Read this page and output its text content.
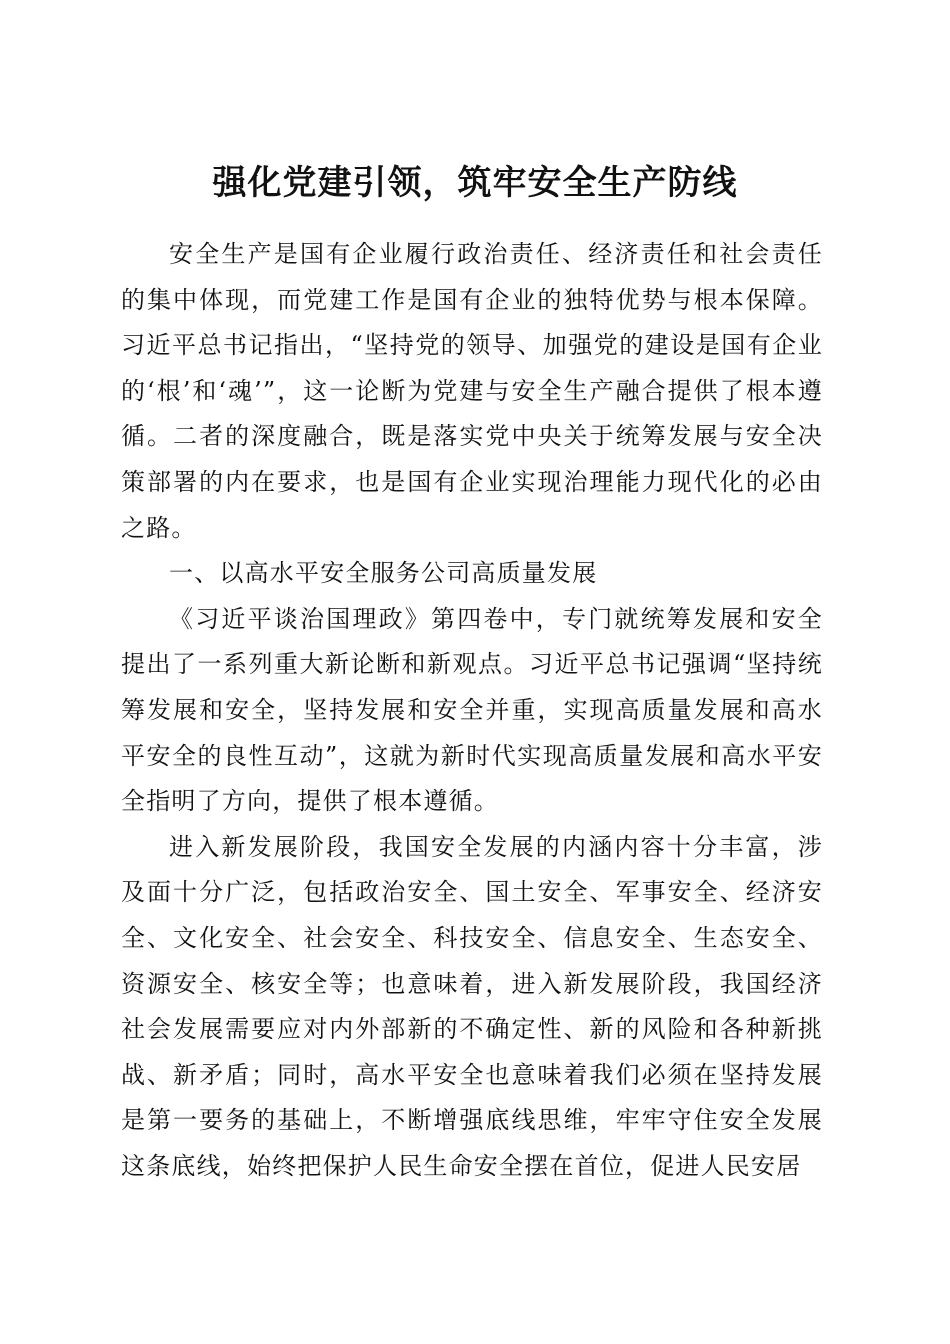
强化党建引领，筑牢安全生产防线

安全生产是国有企业履行政治责任、经济责任和社会责任的集中体现，而党建工作是国有企业的独特优势与根本保障。习近平总书记指出，“坚持党的领导、加强党的建设是国有企业的‘根’和‘魂’”，这一论断为党建与安全生产融合提供了根本遵循。二者的深度融合，既是落实党中央关于统筹发展与安全决策部署的内在要求，也是国有企业实现治理能力现代化的必由之路。

一、以高水平安全服务公司高质量发展

《习近平谈治国理政》第四卷中，专门就统筹发展和安全提出了一系列重大新论断和新观点。习近平总书记强调“坚持统筹发展和安全，坚持发展和安全并重，实现高质量发展和高水平安全的良性互动”，这就为新时代实现高质量发展和高水平安全指明了方向，提供了根本遵循。

进入新发展阶段，我国安全发展的内涵内容十分丰富，涉及面十分广泛，包括政治安全、国土安全、军事安全、经济安全、文化安全、社会安全、科技安全、信息安全、生态安全、资源安全、核安全等；也意味着，进入新发展阶段，我国经济社会发展需要应对内外部新的不确定性、新的风险和各种新挑战、新矛盾；同时，高水平安全也意味着我们必须在坚持发展是第一要务的基础上，不断增强底线思维，牢牢守住安全发展这条底线，始终把保护人民生命安全摆在首位，促进人民安居
